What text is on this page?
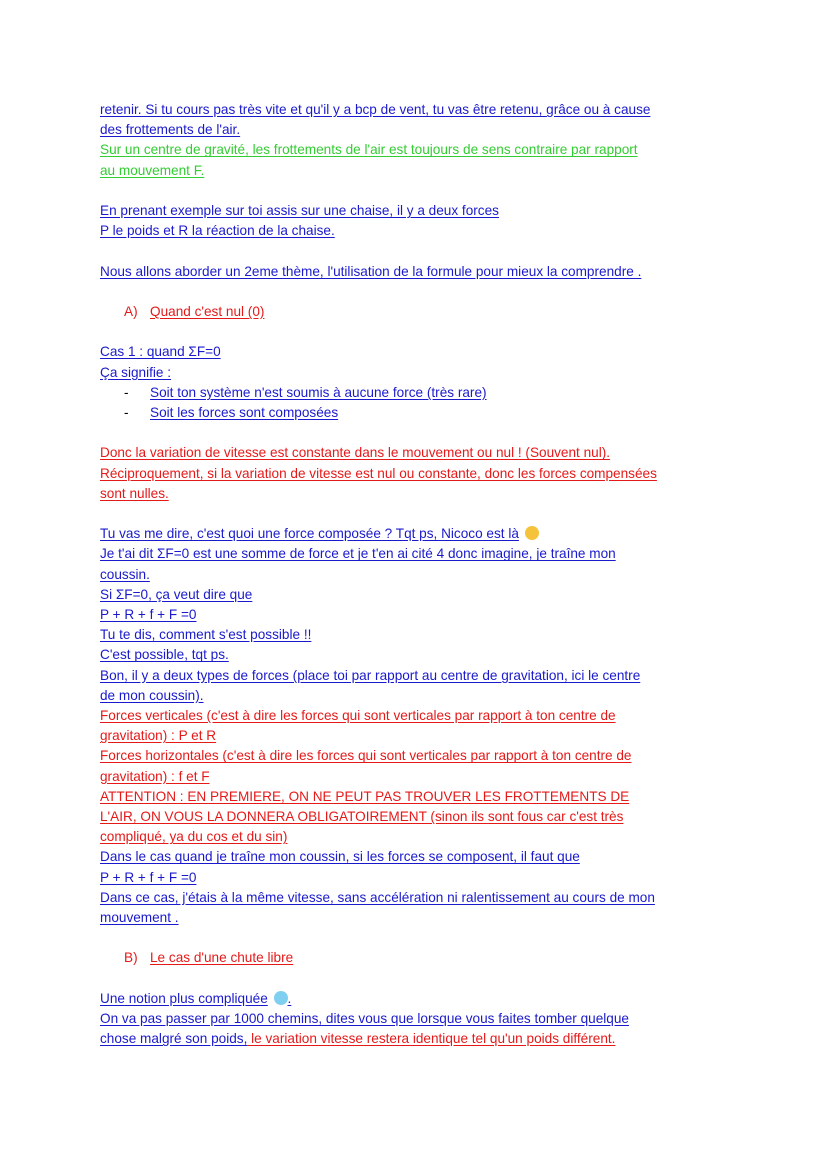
retenir. Si tu cours pas très vite et qu'il y a bcp de vent, tu vas être retenu, grâce ou à cause
des frottements de l'air.
Sur un centre de gravité, les frottements de l'air est toujours de sens contraire par rapport
au mouvement F.
En prenant exemple sur toi assis sur une chaise, il y a deux forces
P le poids et R la réaction de la chaise.
Nous allons aborder un 2eme thème, l'utilisation de la formule pour mieux la comprendre .
A) Quand c'est nul (0)
Cas 1 : quand ΣF=0
Ça signifie :
- Soit ton système n'est soumis à aucune force (très rare)
- Soit les forces sont composées
Donc la variation de vitesse est constante dans le mouvement ou nul ! (Souvent nul).
Réciproquement, si la variation de vitesse est nul ou constante, donc les forces compensées
sont nulles.
Tu vas me dire, c'est quoi une force composée ? Tqt ps, Nicoco est là
Je t'ai dit ΣF=0 est une somme de force et je t'en ai cité 4 donc imagine, je traîne mon
coussin.
Si ΣF=0, ça veut dire que
P + R + f + F =0
Tu te dis, comment s'est possible !!
C'est possible, tqt ps.
Bon, il y a deux types de forces (place toi par rapport au centre de gravitation, ici le centre
de mon coussin).
Forces verticales (c'est à dire les forces qui sont verticales par rapport à ton centre de
gravitation) : P et R
Forces horizontales (c'est à dire les forces qui sont verticales par rapport à ton centre de
gravitation) : f et F
ATTENTION : EN PREMIERE, ON NE PEUT PAS TROUVER LES FROTTEMENTS DE
L'AIR, ON VOUS LA DONNERA OBLIGATOIREMENT (sinon ils sont fous car c'est très
compliqué, ya du cos et du sin)
Dans le cas quand je traîne mon coussin, si les forces se composent, il faut que
P + R + f + F =0
Dans ce cas, j'étais à la même vitesse, sans accélération ni ralentissement au cours de mon
mouvement .
B) Le cas d'une chute libre
Une notion plus compliquée .
On va pas passer par 1000 chemins, dites vous que lorsque vous faites tomber quelque
chose malgré son poids, le variation vitesse restera identique tel qu'un poids différent.
